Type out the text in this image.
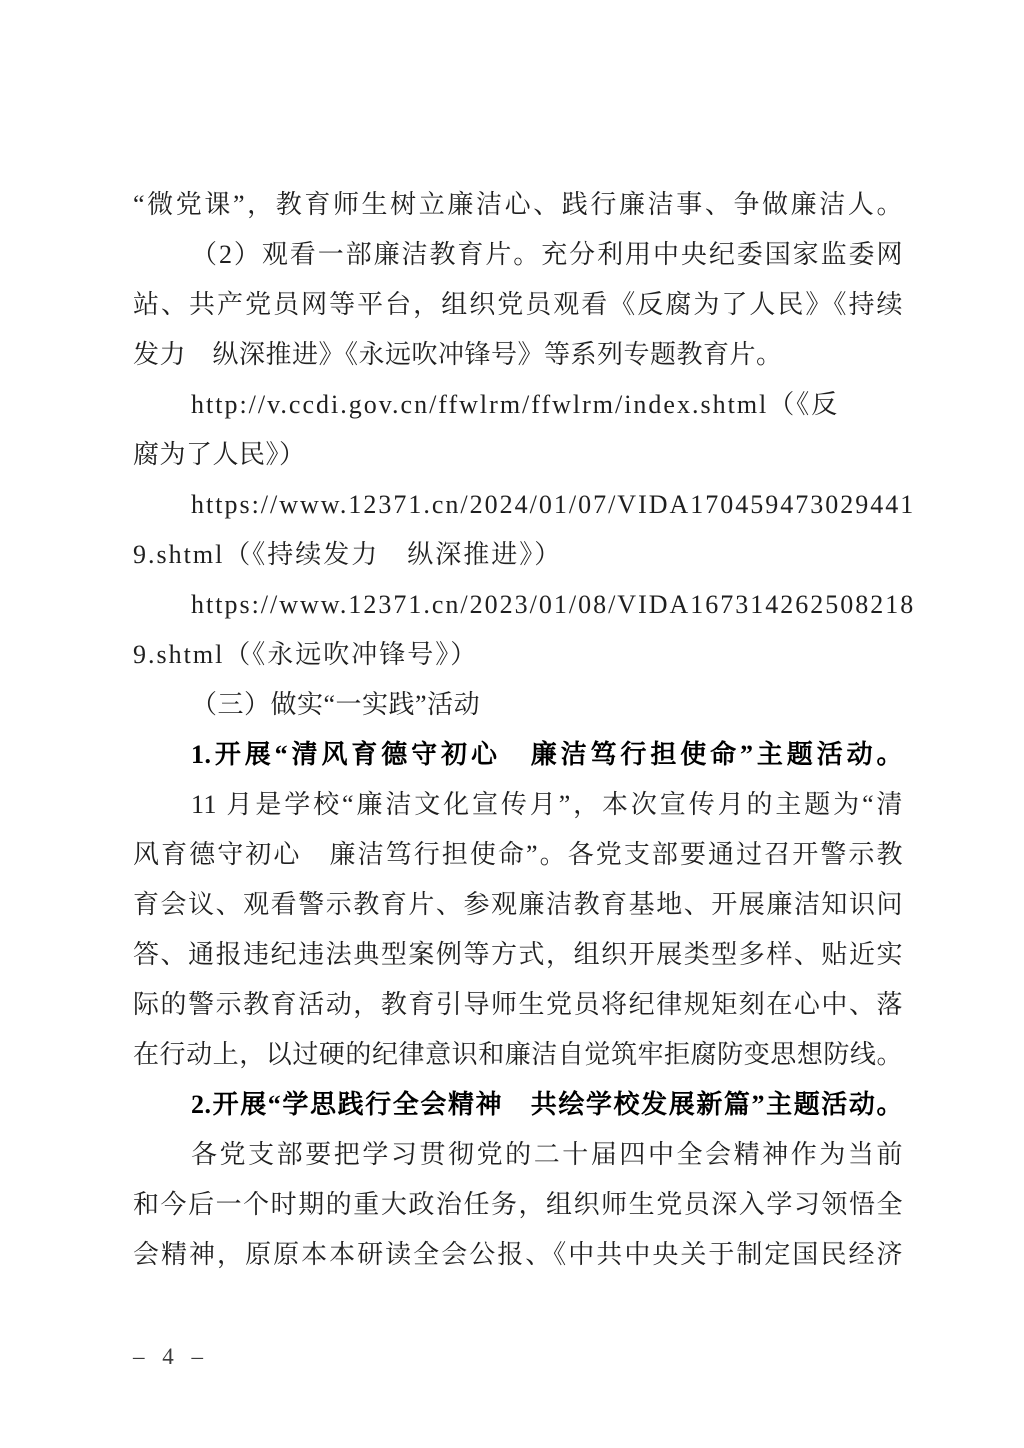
“微党课”，教育师生树立廉洁心、践行廉洁事、争做廉洁人。
（2）观看一部廉洁教育片。充分利用中央纪委国家监委网
站、共产党员网等平台，组织党员观看《反腐为了人民》《持续
发力　纵深推进》《永远吹冲锋号》等系列专题教育片。
http://v.ccdi.gov.cn/ffwlrm/ffwlrm/index.shtml（《反
腐为了人民》）
https://www.12371.cn/2024/01/07/VIDA170459473029441
9.shtml（《持续发力　纵深推进》）
https://www.12371.cn/2023/01/08/VIDA167314262508218
9.shtml（《永远吹冲锋号》）
（三）做实“一实践”活动
1.开展“清风育德守初心　廉洁笃行担使命”主题活动。
11 月是学校“廉洁文化宣传月”，本次宣传月的主题为“清
风育德守初心　廉洁笃行担使命”。各党支部要通过召开警示教
育会议、观看警示教育片、参观廉洁教育基地、开展廉洁知识问
答、通报违纪违法典型案例等方式，组织开展类型多样、贴近实
际的警示教育活动，教育引导师生党员将纪律规矩刻在心中、落
在行动上，以过硬的纪律意识和廉洁自觉筑牢拒腐防变思想防线。
2.开展“学思践行全会精神　共绘学校发展新篇”主题活动。
各党支部要把学习贯彻党的二十届四中全会精神作为当前
和今后一个时期的重大政治任务，组织师生党员深入学习领悟全
会精神，原原本本研读全会公报、《中共中央关于制定国民经济
– 4 –
